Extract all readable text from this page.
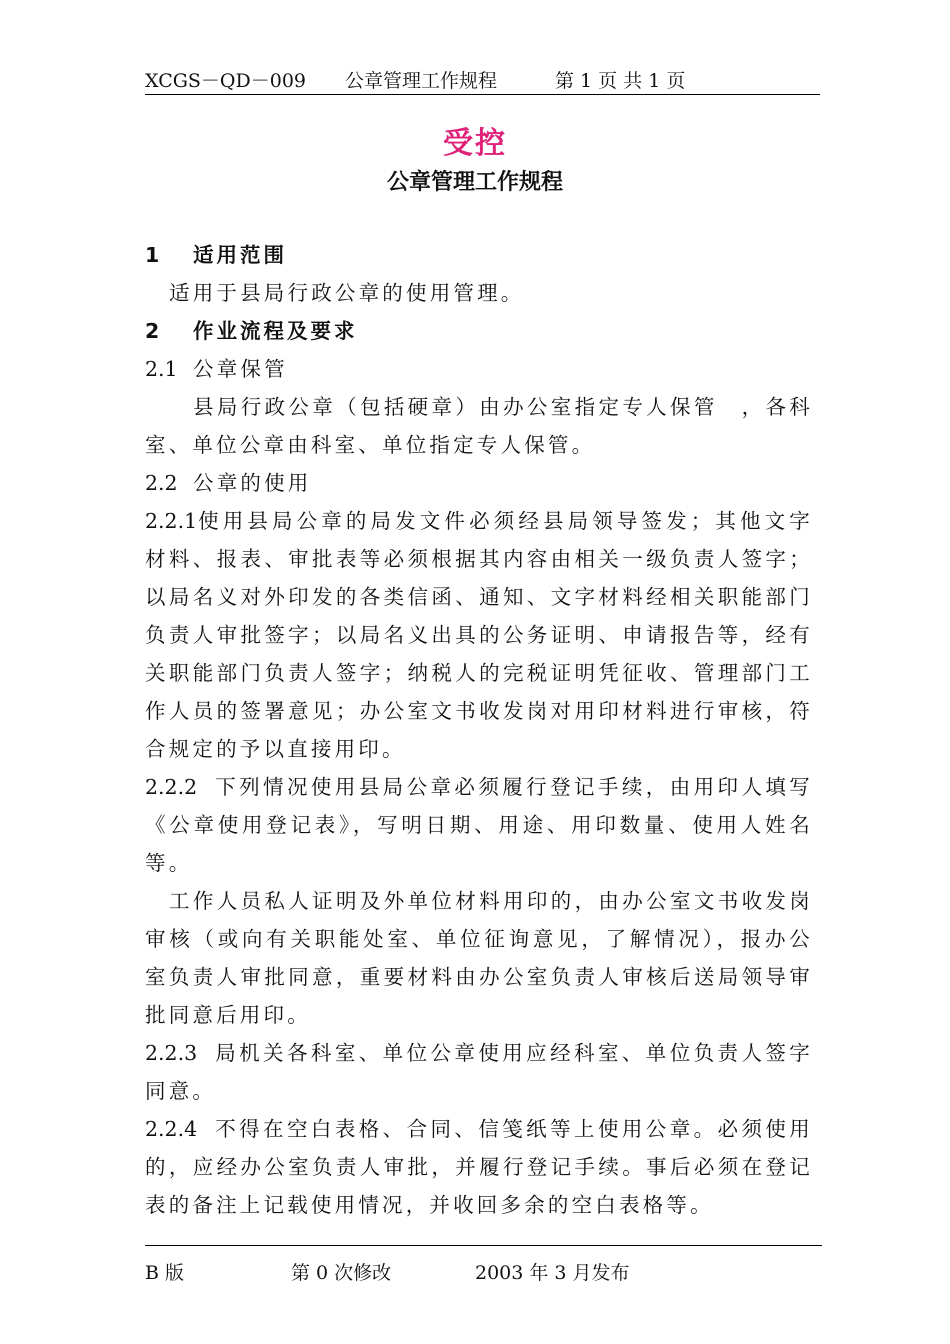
XCGS－QD－009 公章管理工作规程	第 1 页 共 1 页
受控
公章管理工作规程

1 适用范围

适用于县局行政公章的使用管理。

2 作业流程及要求

2.1 公章保管

县局行政公章（包括硬章）由办公室指定专人保管　，各科室、单位公章由科室、单位指定专人保管。

2.2 公章的使用

2.2.1使用县局公章的局发文件必须经县局领导签发；其他文字材料、报表、审批表等必须根据其内容由相关一级负责人签字；以局名义对外印发的各类信函、通知、文字材料经相关职能部门负责人审批签字；以局名义出具的公务证明、申请报告等，经有关职能部门负责人签字；纳税人的完税证明凭征收、管理部门工作人员的签署意见；办公室文书收发岗对用印材料进行审核，符合规定的予以直接用印。

2.2.2 下列情况使用县局公章必须履行登记手续，由用印人填写《公章使用登记表》，写明日期、用途、用印数量、使用人姓名等。

工作人员私人证明及外单位材料用印的，由办公室文书收发岗审核（或向有关职能处室、单位征询意见，了解情况），报办公室负责人审批同意，重要材料由办公室负责人审核后送局领导审批同意后用印。

2.2.3 局机关各科室、单位公章使用应经科室、单位负责人签字同意。

2.2.4 不得在空白表格、合同、信笺纸等上使用公章。必须使用的，应经办公室负责人审批，并履行登记手续。事后必须在登记表的备注上记载使用情况，并收回多余的空白表格等。

B 版	第 0 次修改	2003 年 3 月发布
